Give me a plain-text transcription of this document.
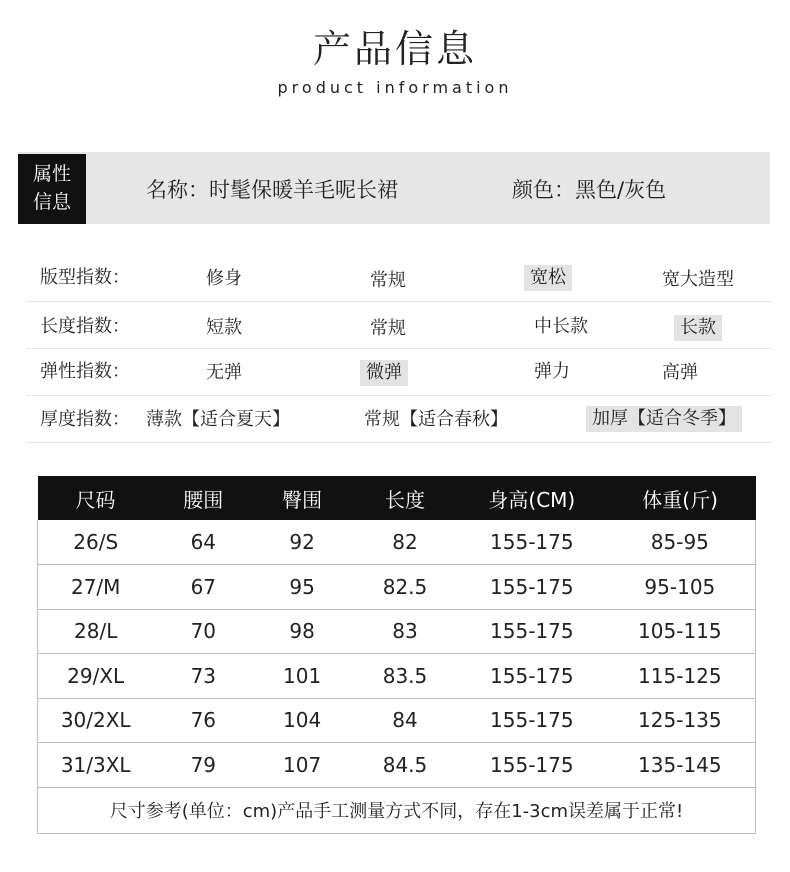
产品信息
product information
属性
信息	名称：时髦保暖羊毛呢长裙	颜色：黑色/灰色
版型指数：	修身	常规	宽松	宽大造型
长度指数：	短款	常规	中长款	长款
弹性指数：	无弹	微弹	弹力	高弹
厚度指数： 薄款【适合夏天】	常规【适合春秋】	加厚【适合冬季】
尺码	腰围	臀围	长度	身高(CM)	体重(斤)
26/S	64	92	82	155-175	85-95
27/M	67	95	82.5	155-175	95-105
28/L	70	98	83	155-175	105-115
29/XL	73	101	83.5	155-175	115-125
30/2XL	76	104	84	155-175	125-135
31/3XL	79	107	84.5	155-175	135-145
尺寸参考(单位：cm)产品手工测量方式不同，存在1-3cm误差属于正常!					
